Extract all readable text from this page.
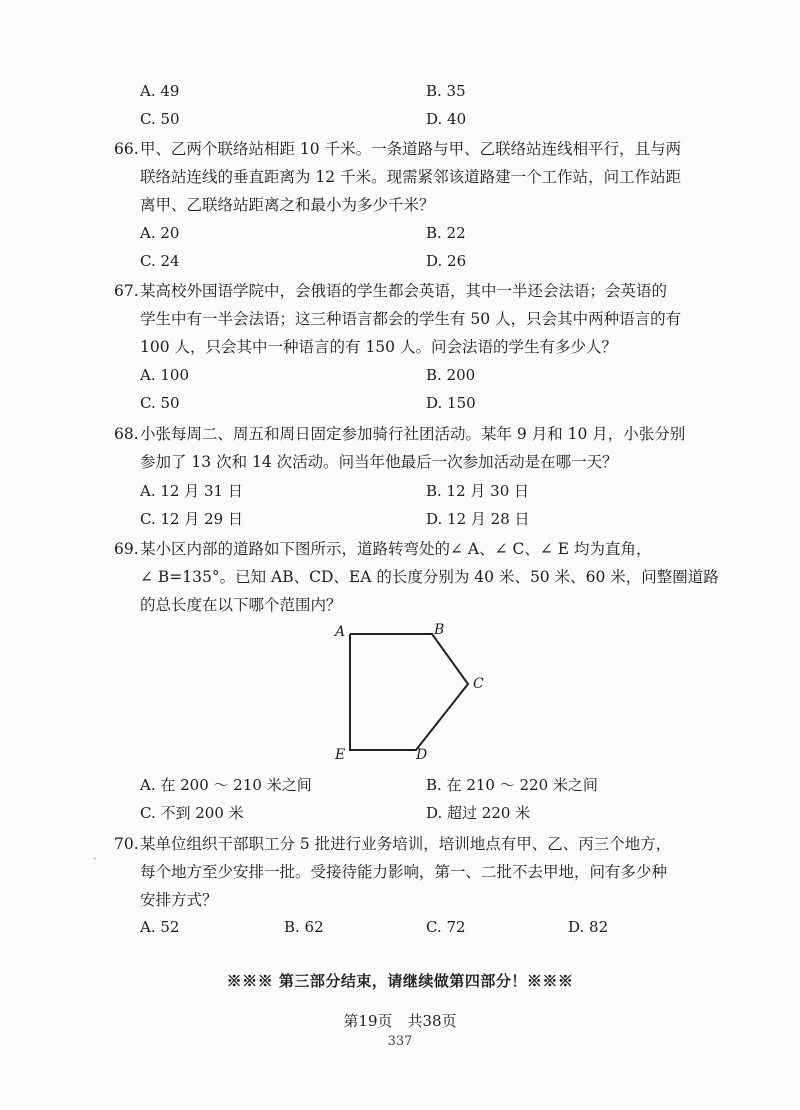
A. 49	B. 35
C. 50	D. 40
66. 甲、乙两个联络站相距 10 千米。一条道路与甲、乙联络站连线相平行，且与两
联络站连线的垂直距离为 12 千米。现需紧邻该道路建一个工作站，问工作站距
离甲、乙联络站距离之和最小为多少千米？
A. 20	B. 22
C. 24	D. 26
67. 某高校外国语学院中，会俄语的学生都会英语，其中一半还会法语；会英语的
学生中有一半会法语；这三种语言都会的学生有 50 人，只会其中两种语言的有
100 人，只会其中一种语言的有 150 人。问会法语的学生有多少人？
A. 100	B. 200
C. 50	D. 150
68. 小张每周二、周五和周日固定参加骑行社团活动。某年 9 月和 10 月，小张分别
参加了 13 次和 14 次活动。问当年他最后一次参加活动是在哪一天？
A. 12 月 31 日	B. 12 月 30 日
C. 12 月 29 日	D. 12 月 28 日
69. 某小区内部的道路如下图所示，道路转弯处的∠ A、∠ C、∠ E 均为直角，
∠ B=135°。已知 AB、CD、EA 的长度分别为 40 米、50 米、60 米，问整圈道路
的总长度在以下哪个范围内？
A	B
C
D
E
A. 在 200 ～ 210 米之间	B. 在 210 ～ 220 米之间
C. 不到 200 米	D. 超过 220 米
·
70. 某单位组织干部职工分 5 批进行业务培训，培训地点有甲、乙、丙三个地方，
每个地方至少安排一批。受接待能力影响，第一、二批不去甲地，问有多少种
安排方式？
A. 52	B. 62	C. 72	D. 82
※※※ 第三部分结束，请继续做第四部分！※※※
第19页　共38页
337
